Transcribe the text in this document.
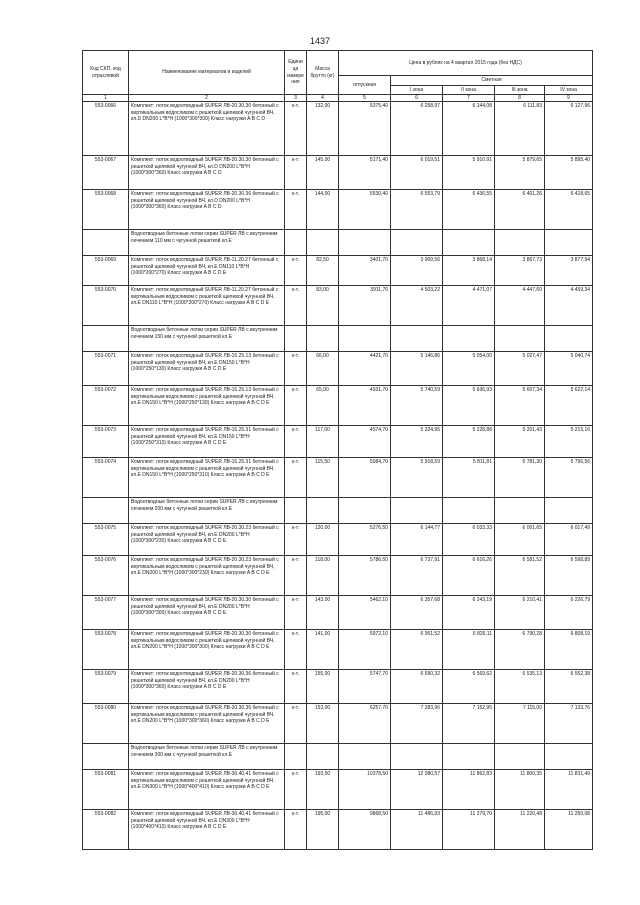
1437
Код СКП, код отраслевой	Наименование материалов и изделий	Едини ца измере ния	Масса брутто (кг)	Цена в рублях на 4 квартал 2015 года (без НДС)				
				отпускная	Сметная			
					I зона	II зона	III зона	IV зона
1	2	3	4	5	6	7	8	9
553-0066	Комплект: лоток водоотводный SUPER ЛВ-20.30.30 бетонный с вертикальным водосливом с решеткой щелевой чугунной ВЧ, кл.D DN200 L*B*H (1000*300*300) Класс нагрузки A B C D	к-т.	132,00	5375,40	6 258,97	6 144,08	6 111,83	6 127,96
553-0067	Комплект: лоток водоотводный SUPER ЛВ-20.30.30 бетонный с решеткой щелевой чугунной ВЧ, кл.D DN200 L*B*H (1000*300*360) Класс нагрузки A B C D	к-т.	145,00	5171,40	6 019,51	5 910,91	5 879,65	5 895,40
553-0068	Комплект: лоток водоотводный SUPER ЛВ-20.30.36 бетонный с решеткой щелевой чугунной ВЧ, кл.D DN200 L*B*H (1000*300*360) Класс нагрузки A B C D	к-т.	144,00	5530,40	6 553,79	6 436,55	6 401,26	6 418,65
	Водоотводные бетонные лотки серии SUPER ЛВ с внутренним сечением 110 мм с чугунной решеткой кл.E							
553-0069	Комплект: лоток водоотводный SUPER ЛВ-11.20.27 бетонный с решеткой щелевой чугунной ВЧ, кл.E DN110 L*B*H (1000*200*270) Класс нагрузки A B C D E	к-т.	82,50	3401,70	3 909,56	3 868,14	3 867,73	3 877,94
553-0070	Комплект: лоток водоотводный SUPER ЛВ-11.20.27 бетонный с вертикальным водосливом с решеткой щелевой чугунной ВЧ, кл.E DN110 L*B*H (1000*200*270) Класс нагрузки A B C D E	к-т.	83,00	3911,70	4 503,22	4 471,07	4 447,60	4 459,34
	Водоотводные бетонные лотки серии SUPER ЛВ с внутренним сечением 150 мм с чугунной решеткой кл.E							
553-0071	Комплект: лоток водоотводный SUPER ЛВ-15.25.13 бетонный с решеткой щелевой чугунной ВЧ, кл.E DN150 L*B*H (1000*250*130) Класс нагрузки A B C D E	к-т.	66,00	4421,70	5 146,86	5 054,00	5 027,47	5 040,74
553-0072	Комплект: лоток водоотводный SUPER ЛВ-15.25.13 бетонный с вертикальным водосливом с решеткой щелевой чугунной ВЧ, кл.E DN150 L*B*H (1000*250*130) Класс нагрузки A B C D E	к-т.	65,00	4931,70	5 740,59	5 636,93	5 607,34	5 622,14
553-0073	Комплект: лоток водоотводный SUPER ЛВ-15.25.31 бетонный с решеткой щелевой чугунной ВЧ, кл.E DN150 L*B*H (1000*250*310) Класс нагрузки A B C D E	к-т.	117,00	4574,70	5 324,95	5 228,88	5 201,43	5 215,16
553-0074	Комплект: лоток водоотводный SUPER ЛВ-15.25.31 бетонный с вертикальным водосливом с решеткой щелевой чугунной ВЧ, кл.E DN150 L*B*H (1000*250*310) Класс нагрузки A B C D E	к-т.	115,50	5084,70	5 918,59	5 811,81	5 781,30	5 796,56
	Водоотводные бетонные лотки серии SUPER ЛВ с внутренним сечением 200 мм с чугунной решеткой кл.E							
553-0075	Комплект: лоток водоотводный SUPER ЛВ-20.30.23 бетонный с решеткой щелевой чугунной ВЧ, кл.E DN200 L*B*H (1000*300*230) Класс нагрузки A B C D E	к-т.	120,00	5276,50	6 144,77	6 033,33	6 001,65	6 017,49
553-0076	Комплект: лоток водоотводный SUPER ЛВ-20.30.23 бетонный с вертикальным водосливом с решеткой щелевой чугунной ВЧ, кл.E DN200 L*B*H (1000*300*230) Класс нагрузки A B C D E	к-т.	118,00	5786,50	6 737,91	6 616,26	6 581,52	6 598,89
553-0077	Комплект: лоток водоотводный SUPER ЛВ-20.30.30 бетонный с решеткой щелевой чугунной ВЧ, кл.E DN200 L*B*H (1000*300*300) Класс нагрузки A B C D E	к-т.	143,00	5462,10	6 357,68	6 243,19	6 210,41	6 226,79
553-0078	Комплект: лоток водоотводный SUPER ЛВ-20.30.30 бетонный с вертикальным водосливом с решеткой щелевой чугунной ВЧ, кл.E DN200 L*B*H (1000*300*300) Класс нагрузки A B C D E	к-т.	141,00	5972,10	6 951,52	6 826,11	6 790,28	6 808,19
553-0079	Комплект: лоток водоотводный SUPER ЛВ-20.30.36 бетонный с решеткой щелевой чугунной ВЧ, кл.E DN200 L*B*H (1000*300*360) Класс нагрузки A B C D E	к-т.	155,00	5747,70	6 690,32	6 569,62	6 535,13	6 552,38
553-0080	Комплект: лоток водоотводный SUPER ЛВ-20.30.36 бетонный с вертикальным водосливом с решеткой щелевой чугунной ВЧ, кл.E DN200 L*B*H (1000*300*360) Класс нагрузки A B C D E	к-т.	153,00	6257,70	7 283,96	7 152,95	7 115,00	7 133,76
	Водоотводные бетонные лотки серии SUPER ЛВ с внутренним сечением 300 мм с чугунной решеткой кл.E							
553-0081	Комплект: лоток водоотводный SUPER ЛВ-30.40.41 бетонный с вертикальным водосливом с решеткой щелевой чугунной ВЧ, кл.E DN300 L*B*H (1000*400*410) Класс нагрузки A B C D E	к-т.	193,50	10378,50	12 080,57	11 862,83	11 800,35	11 831,49
553-0082	Комплект: лоток водоотводный SUPER ЛВ-30.40.41 бетонный с решеткой щелевой чугунной ВЧ, кл.E DN300 L*B*H (1000*400*410) Класс нагрузки A B C D E	к-т.	195,00	9868,50	11 486,93	11 279,70	11 220,48	11 250,08
